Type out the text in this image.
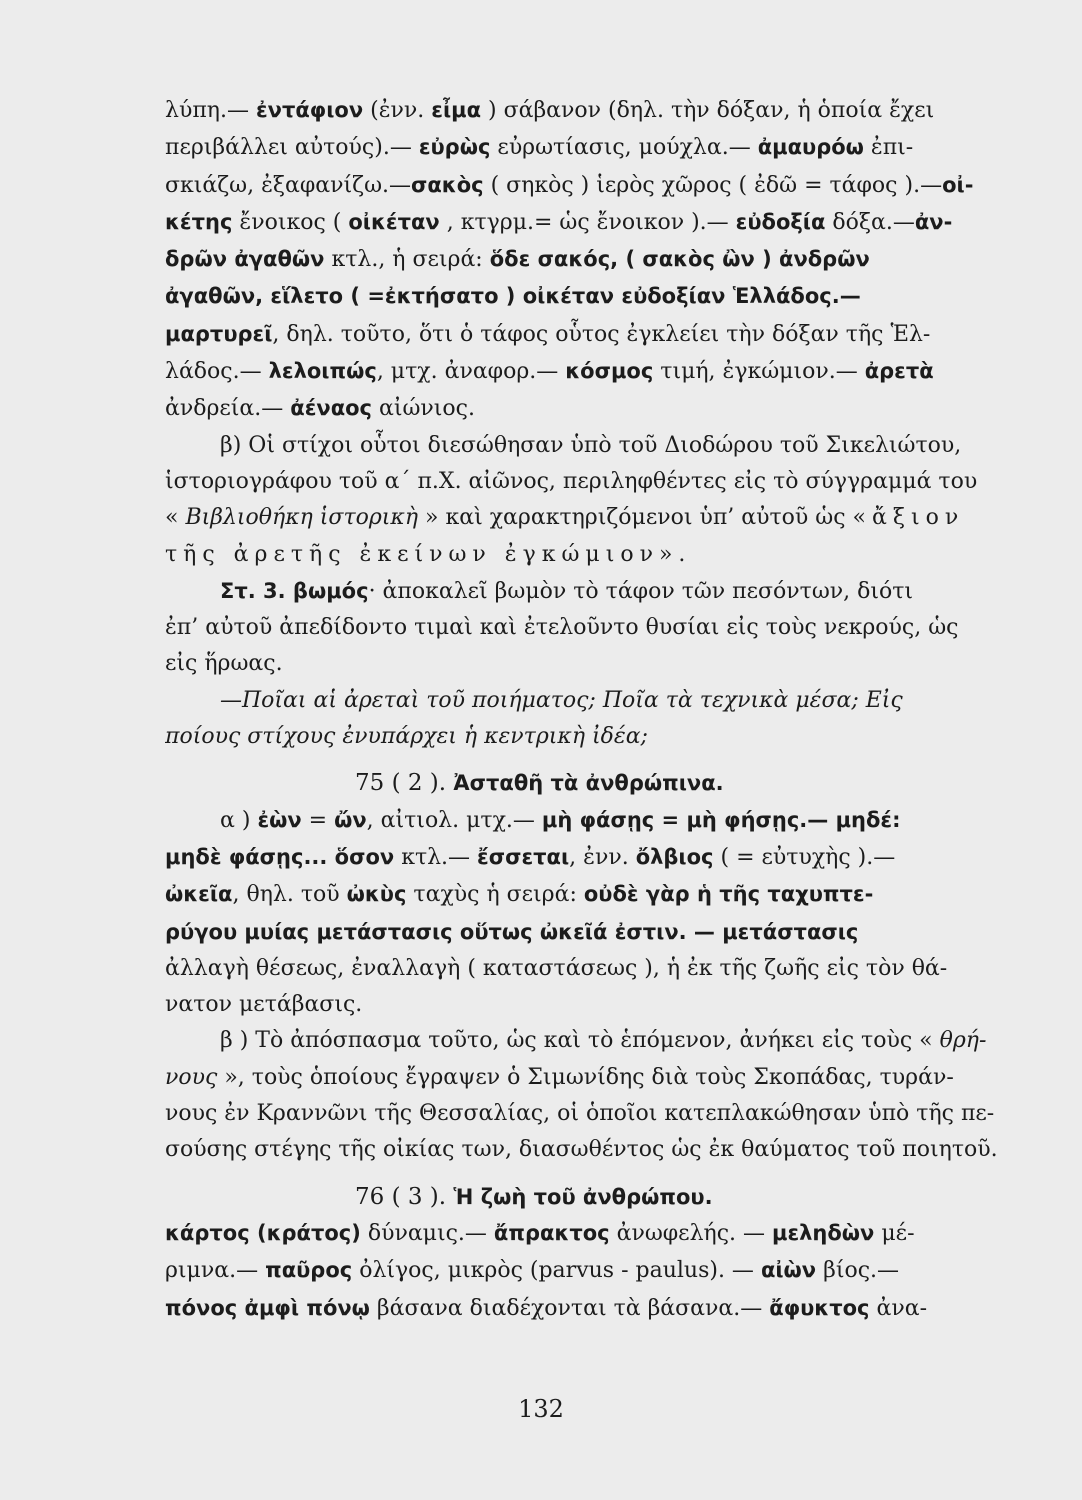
λύπη.— ἐντάφιον (ἐνν. εἶμα ) σάβανον (δηλ. τὴν δόξαν, ἡ ὁποία ἔχει
περιβάλλει αὐτούς).— εὐρὼς εὐρωτίασις, μούχλα.— ἀμαυρόω ἐπι-
σκιάζω, ἐξαφανίζω.—σακὸς ( σηκὸς ) ἱερὸς χῶρος ( ἐδῶ = τάφος ).—οἰ-
κέτης ἔνοικος ( οἰκέταν , κτγρμ.= ὡς ἔνοικον ).— εὐδοξία δόξα.—ἀν-
δρῶν ἀγαθῶν κτλ., ἡ σειρά: ὅδε σακός, ( σακὸς ὢν ) ἀνδρῶν
ἀγαθῶν, εἵλετο ( =ἐκτήσατο ) οἰκέταν εὐδοξίαν Ἑλλάδος.—
μαρτυρεῖ, δηλ. τοῦτο, ὅτι ὁ τάφος οὗτος ἐγκλείει τὴν δόξαν τῆς Ἑλ-
λάδος.— λελοιπώς, μτχ. ἀναφορ.— κόσμος τιμή, ἐγκώμιον.— ἀρετὰ
ἀνδρεία.— ἀέναος αἰώνιος.
β) Οἱ στίχοι οὗτοι διεσώθησαν ὑπὸ τοῦ Διοδώρου τοῦ Σικελιώτου,
ἱστοριογράφου τοῦ α΄ π.Χ. αἰῶνος, περιληφθέντες εἰς τὸ σύγγραμμά του
« Βιβλιοθήκη ἱστορικὴ » καὶ χαρακτηριζόμενοι ὑπ’ αὐτοῦ ὡς «ἄξιον
τῆς ἀρετῆς ἐκείνων ἐγκώμιον».
Στ. 3. βωμός· ἀποκαλεῖ βωμὸν τὸ τάφον τῶν πεσόντων, διότι
ἐπ’ αὐτοῦ ἀπεδίδοντο τιμαὶ καὶ ἐτελοῦντο θυσίαι εἰς τοὺς νεκρούς, ὡς
εἰς ἥρωας.
—Ποῖαι αἱ ἀρεταὶ τοῦ ποιήματος; Ποῖα τὰ τεχνικὰ μέσα; Εἰς
ποίους στίχους ἐνυπάρχει ἡ κεντρικὴ ἰδέα;
75 ( 2 ). Ἀσταθῆ τὰ ἀνθρώπινα.
α ) ἐὼν = ὤν, αἰτιολ. μτχ.— μὴ φάσῃς = μὴ φήσῃς.— μηδέ:
μηδὲ φάσῃς... ὅσον κτλ.— ἔσσεται, ἐνν. ὄλβιος ( = εὐτυχὴς ).—
ὠκεῖα, θηλ. τοῦ ὠκὺς ταχὺς ἡ σειρά: οὐδὲ γὰρ ἡ τῆς ταχυπτε-
ρύγου μυίας μετάστασις οὕτως ὠκεῖά ἐστιν. — μετάστασις
ἀλλαγὴ θέσεως, ἐναλλαγὴ ( καταστάσεως ), ἡ ἐκ τῆς ζωῆς εἰς τὸν θά-
νατον μετάβασις.
β ) Τὸ ἀπόσπασμα τοῦτο, ὡς καὶ τὸ ἑπόμενον, ἀνήκει εἰς τοὺς « θρή-
νους », τοὺς ὁποίους ἔγραψεν ὁ Σιμωνίδης διὰ τοὺς Σκοπάδας, τυράν-
νους ἐν Κραννῶνι τῆς Θεσσαλίας, οἱ ὁποῖοι κατεπλακώθησαν ὑπὸ τῆς πε-
σούσης στέγης τῆς οἰκίας των, διασωθέντος ὡς ἐκ θαύματος τοῦ ποιητοῦ.
76 ( 3 ). Ἡ ζωὴ τοῦ ἀνθρώπου.
κάρτος (κράτος) δύναμις.— ἄπρακτος ἀνωφελής. — μεληδὼν μέ-
ριμνα.— παῦρος ὀλίγος, μικρὸς (parvus - paulus). — αἰὼν βίος.—
πόνος ἀμφὶ πόνῳ βάσανα διαδέχονται τὰ βάσανα.— ἄφυκτος ἀνα-
132
